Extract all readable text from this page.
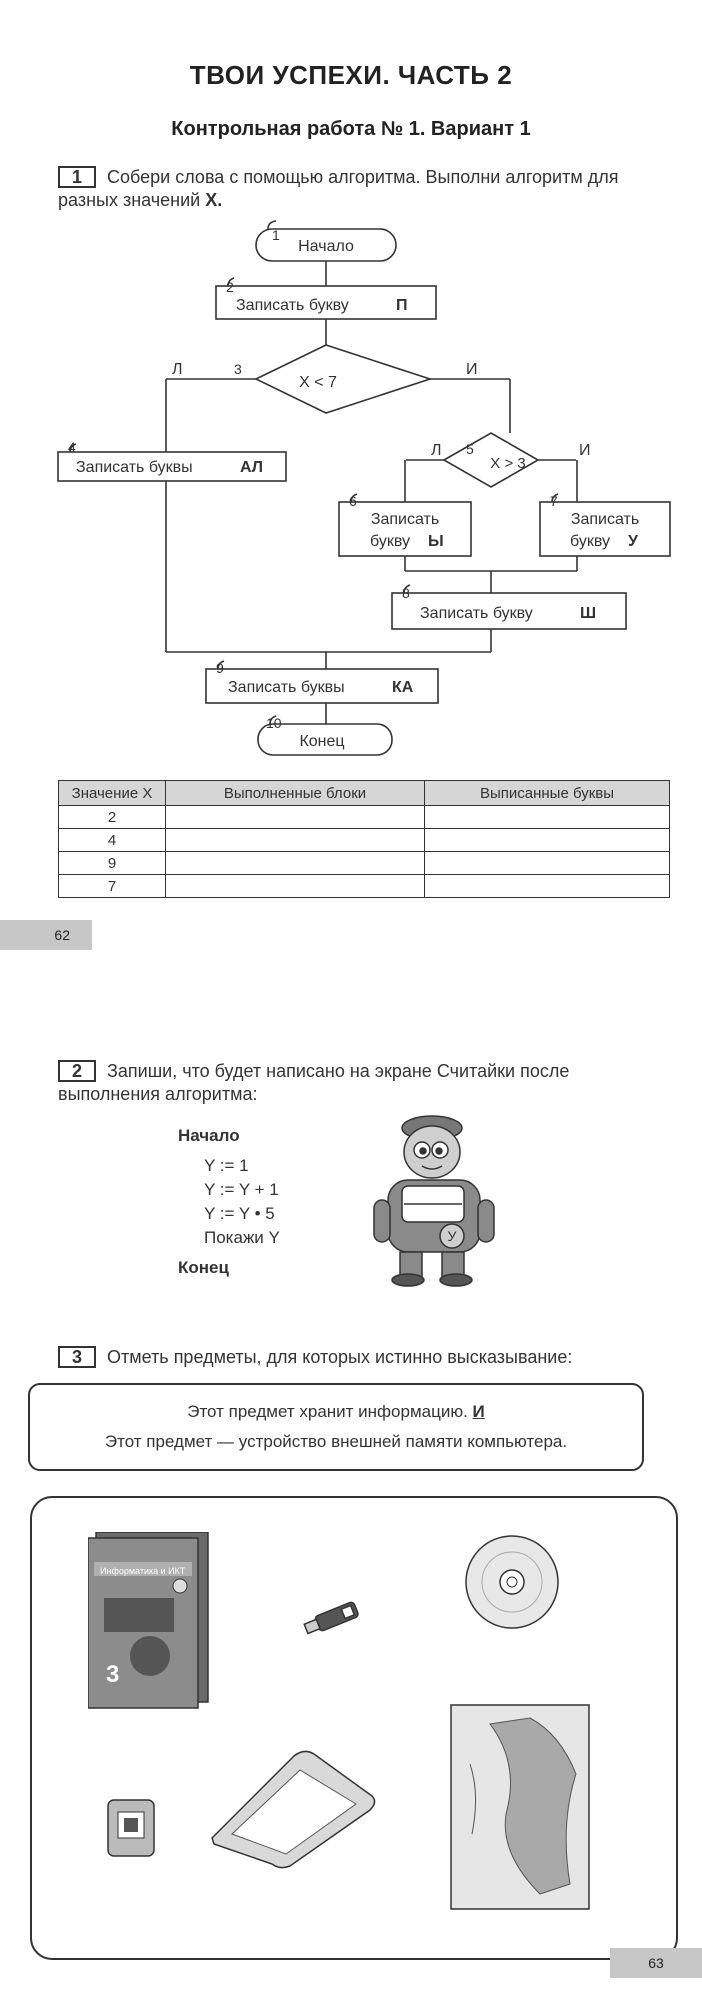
ТВОИ УСПЕХИ. ЧАСТЬ 2
Контрольная работа № 1. Вариант 1
1 Собери слова с помощью алгоритма. Выполни алгоритм для разных значений X.
1
Начало
2
Записать букву	П
3
X < 7
Л	И
4
Записать буквы	АЛ
5
X > 3
Л	И
6
Записать
букву Ы
7
Записать
букву У
8
Записать букву	Ш
9
Записать буквы	КА
10
Конец
Значение X	Выполненные блоки	Выписанные буквы
2		
4		
9		
7		
62
2 Запиши, что будет написано на экране Считайки после выполнения алгоритма:
Начало
Y := 1
Y := Y + 1
Y := Y • 5
Покажи Y
Конец
У
3 Отметь предметы, для которых истинно высказывание:
Этот предмет хранит информацию. И
Этот предмет — устройство внешней памяти компьютера.
Информатика и ИКТ
3
63
